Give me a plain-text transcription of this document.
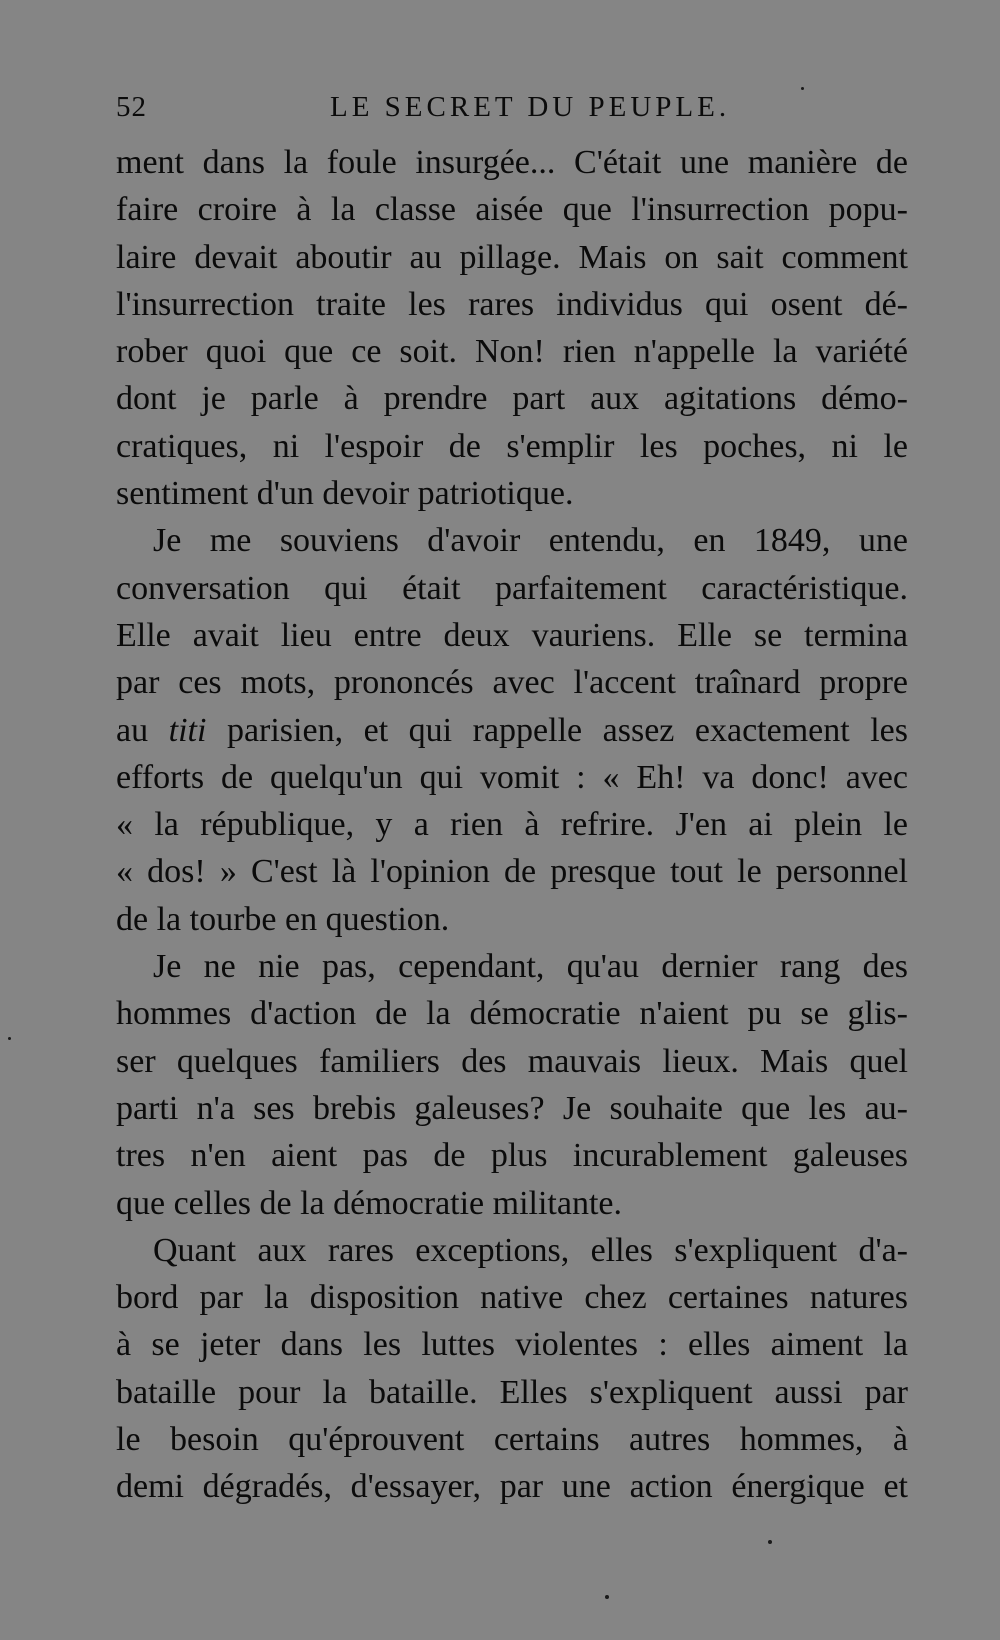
52	LE SECRET DU PEUPLE.
ment dans la foule insurgée... C'était une manière de
faire croire à la classe aisée que l'insurrection popu-
laire devait aboutir au pillage. Mais on sait comment
l'insurrection traite les rares individus qui osent dé-
rober quoi que ce soit. Non! rien n'appelle la variété
dont je parle à prendre part aux agitations démo-
cratiques, ni l'espoir de s'emplir les poches, ni le
sentiment d'un devoir patriotique.
Je me souviens d'avoir entendu, en 1849, une
conversation qui était parfaitement caractéristique.
Elle avait lieu entre deux vauriens. Elle se termina
par ces mots, prononcés avec l'accent traînard propre
au titi parisien, et qui rappelle assez exactement les
efforts de quelqu'un qui vomit : « Eh! va donc! avec
« la république, y a rien à refrire. J'en ai plein le
« dos! » C'est là l'opinion de presque tout le personnel
de la tourbe en question.
Je ne nie pas, cependant, qu'au dernier rang des
hommes d'action de la démocratie n'aient pu se glis-
ser quelques familiers des mauvais lieux. Mais quel
parti n'a ses brebis galeuses? Je souhaite que les au-
tres n'en aient pas de plus incurablement galeuses
que celles de la démocratie militante.
Quant aux rares exceptions, elles s'expliquent d'a-
bord par la disposition native chez certaines natures
à se jeter dans les luttes violentes : elles aiment la
bataille pour la bataille. Elles s'expliquent aussi par
le besoin qu'éprouvent certains autres hommes, à
demi dégradés, d'essayer, par une action énergique et
